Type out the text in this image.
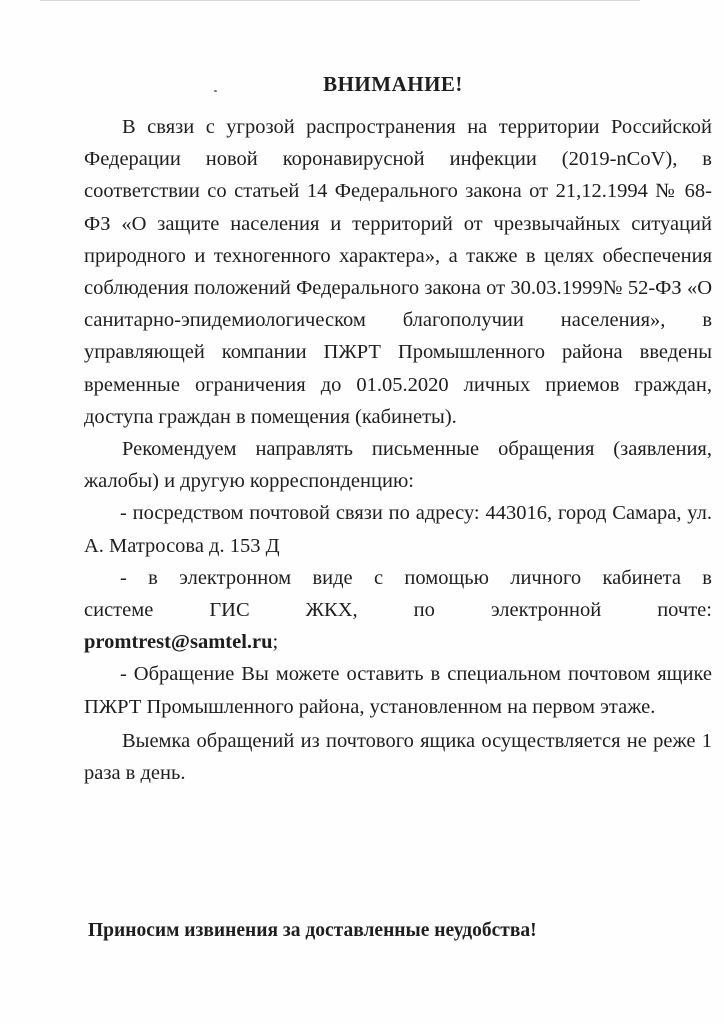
ВНИМАНИЕ!

В связи с угрозой распространения на территории Российской Федерации новой коронавирусной инфекции (2019-nCoV), в соответствии со статьей 14 Федерального закона от 21,12.1994 № 68-ФЗ «О защите населения и территорий от чрезвычайных ситуаций природного и техногенного характера», а также в целях обеспечения соблюдения положений Федерального закона от 30.03.1999№ 52-ФЗ «О санитарно-эпидемиологическом благополучии населения», в управляющей компании ПЖРТ Промышленного района введены временные ограничения до 01.05.2020 личных приемов граждан, доступа граждан в помещения (кабинеты).

Рекомендуем направлять письменные обращения (заявления, жалобы) и другую корреспонденцию:

- посредством почтовой связи по адресу: 443016, город Самара, ул. А. Матросова д. 153 Д

- в электронном виде с помощью личного кабинета в

системе	ГИС	ЖКХ,	по	электронной	почте:

promtrest@samtel.ru;

- Обращение Вы можете оставить в специальном почтовом ящике ПЖРТ Промышленного района, установленном на первом этаже.

Выемка обращений из почтового ящика осуществляется не реже 1 раза в день.

Приносим извинения за доставленные неудобства!
